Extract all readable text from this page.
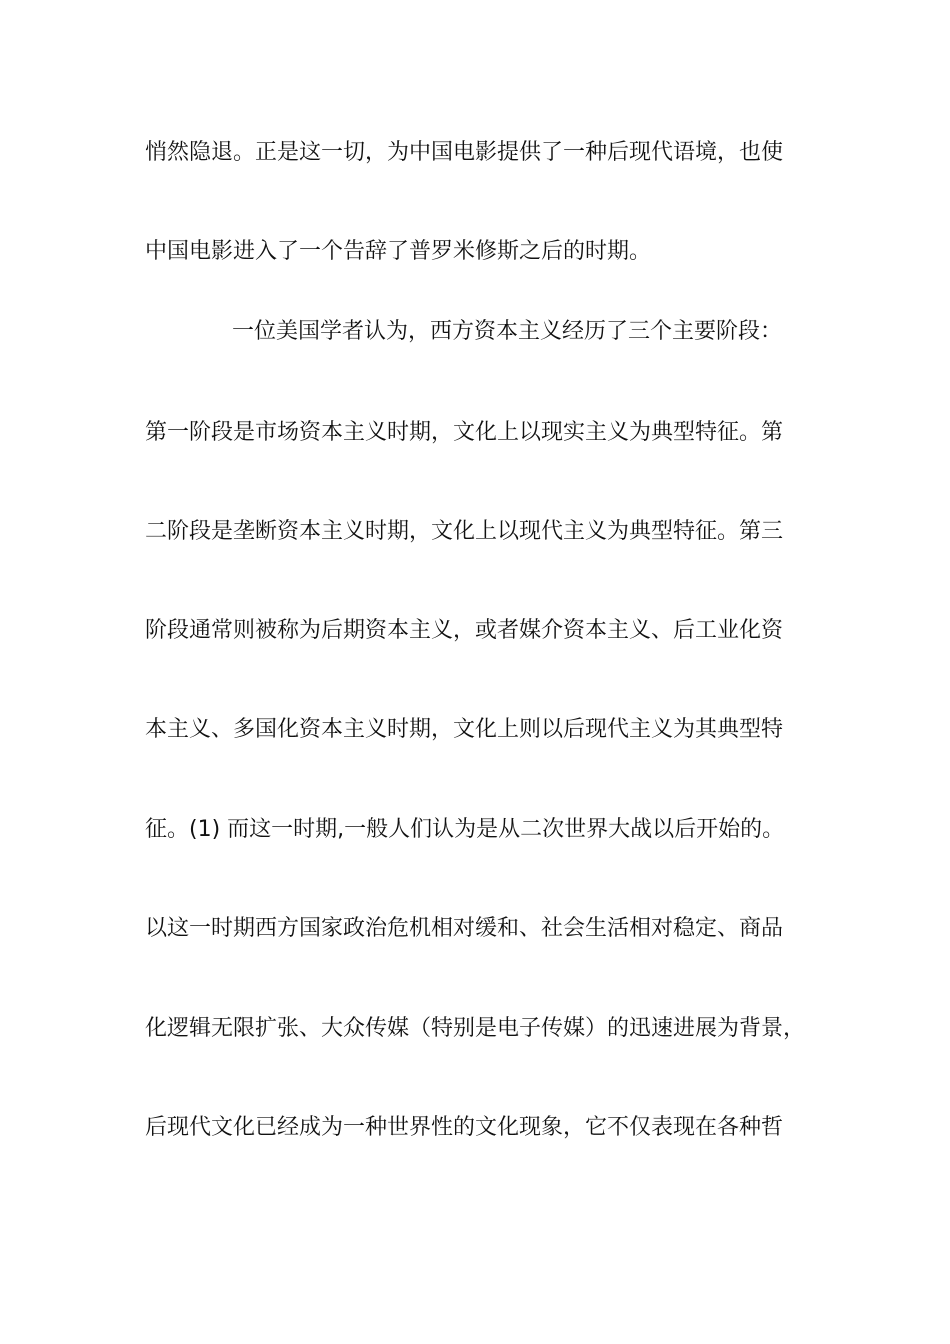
悄然隐退。正是这一切，为中国电影提供了一种后现代语境，也使
中国电影进入了一个告辞了普罗米修斯之后的时期。
一位美国学者认为，西方资本主义经历了三个主要阶段：
第一阶段是市场资本主义时期，文化上以现实主义为典型特征。第
二阶段是垄断资本主义时期，文化上以现代主义为典型特征。第三
阶段通常则被称为后期资本主义，或者媒介资本主义、后工业化资
本主义、多国化资本主义时期，文化上则以后现代主义为其典型特
征。(1) 而这一时期,一般人们认为是从二次世界大战以后开始的。
以这一时期西方国家政治危机相对缓和、社会生活相对稳定、商品
化逻辑无限扩张、大众传媒（特别是电子传媒）的迅速进展为背景，
后现代文化已经成为一种世界性的文化现象，它不仅表现在各种哲
